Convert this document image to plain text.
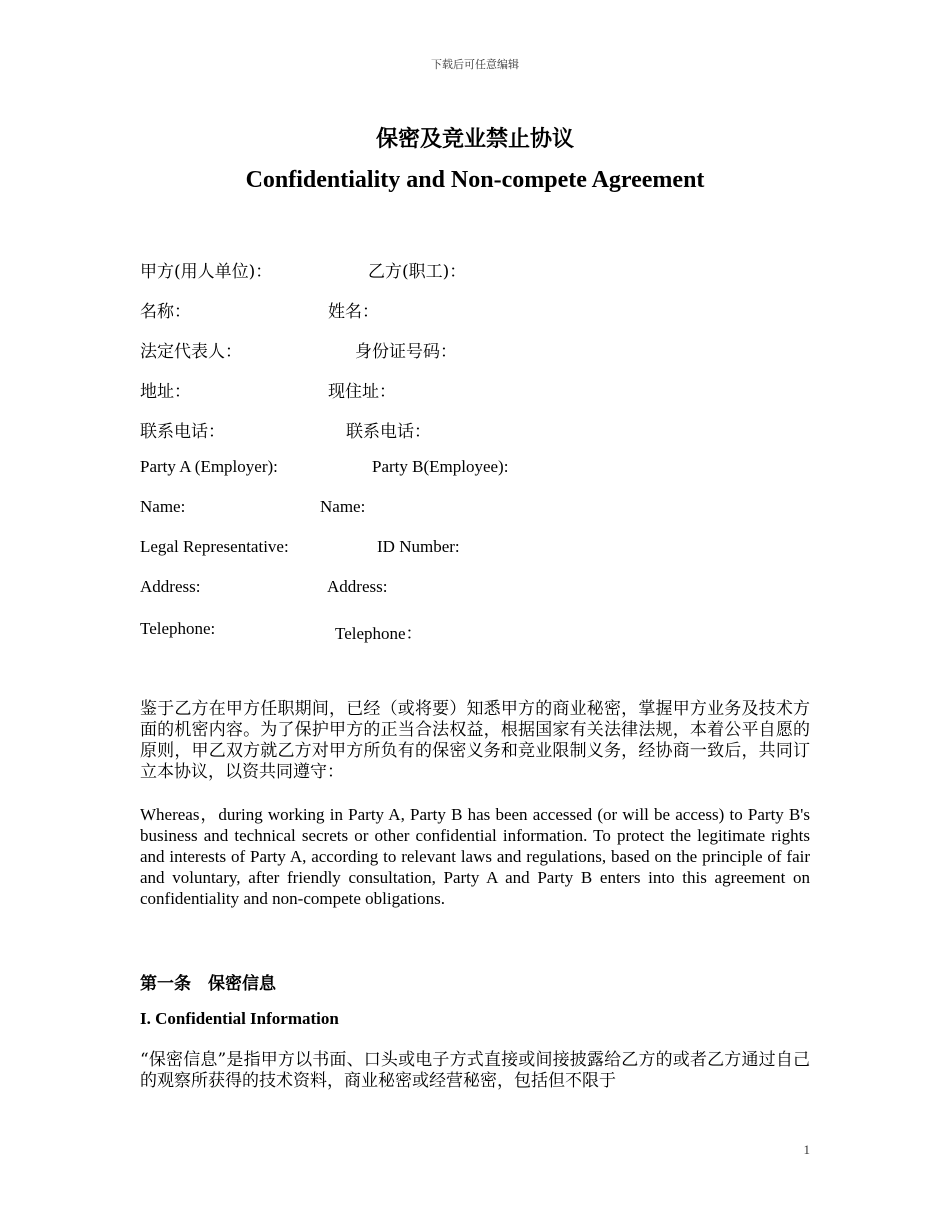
下载后可任意编辑
保密及竞业禁止协议
Confidentiality and Non-compete Agreement
甲方(用人单位)：	乙方(职工)：
名称：	姓名：
法定代表人：	身份证号码：
地址：	现住址：
联系电话：	联系电话：
Party A (Employer):	Party B(Employee):
Name:	Name:
Legal Representative:	ID Number:
Address:	Address:
Telephone:	Telephone：

鉴于乙方在甲方任职期间，已经（或将要）知悉甲方的商业秘密，掌握甲方业务及技术方面的机密内容。为了保护甲方的正当合法权益，根据国家有关法律法规，本着公平自愿的原则，甲乙双方就乙方对甲方所负有的保密义务和竞业限制义务，经协商一致后，共同订立本协议，以资共同遵守：

Whereas，during working in Party A, Party B has been accessed (or will be access) to Party B's business and technical secrets or other confidential information. To protect the legitimate rights and interests of Party A, according to relevant laws and regulations, based on the principle of fair and voluntary, after friendly consultation, Party A and Party B enters into this agreement on confidentiality and non-compete obligations.

第一条　保密信息
I. Confidential Information

“保密信息”是指甲方以书面、口头或电子方式直接或间接披露给乙方的或者乙方通过自己的观察所获得的技术资料，商业秘密或经营秘密，包括但不限于

1
